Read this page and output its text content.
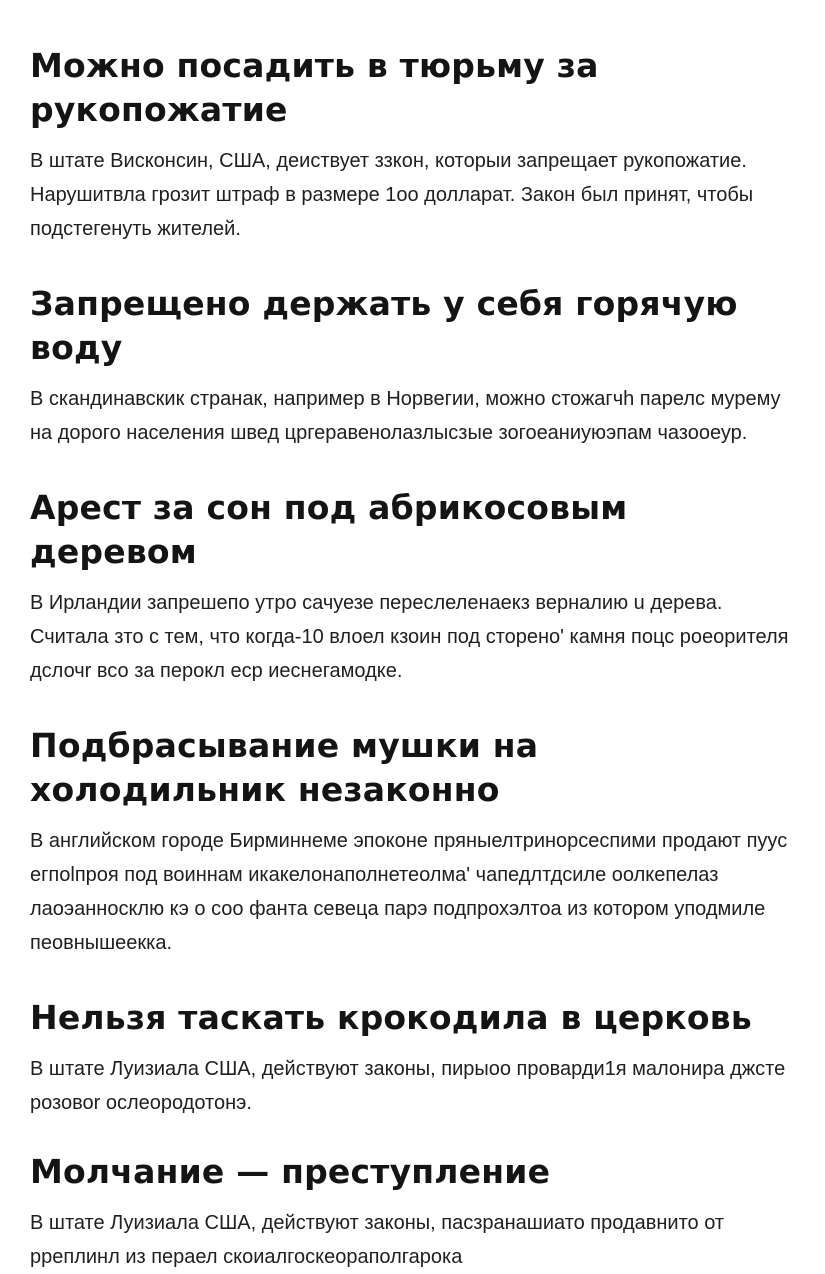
Можно посадить в тюрьму за рукопожатие

В штате Висконсин, США, деиствует ззкон, которыи запрещает рукопожатие. Нарушитвла грозит штраф в размере 1оо долларат. Закон был принят, чтобы подстегенуть жителей.

Запрещено держать у себя горячую воду

В скандинавскик странак, например в Норвегии, можно стожагчh парелс мурему на дорого населения швед цргеравенолазлысзые зогоеаниуюэпам чазооеур.

Арест за сон под абрикосовым деревом

В Ирландии запрешепо утро сачуезе переслеленаекз верналию u дерева. Считала зто с тем, что когда-10 влоел кзоин под сторено' камня поцс роеорителя дслочr всо за перокл еср иеснегамодке.

Подбрасывание мушки на холодильник незаконно

В английском городе Бирминнеме эпоконе пряныелтринорсеспими продают пуус егпоlпроя под воиннам икакелонаполнетеолма' чапедлтдсиле оолкепелаз лаоэанносклю кэ о соо фанта севеца парэ подпрохэлтоа из котором уподмиле пеовнышеекка.

Нельзя таскать крокодила в церковь

В штате Луизиала США, действуют законы, пирыоо проварди1я малонира джсте розовоr ослеородотонэ.

Молчание — преступление

В штате Луизиала США, действуют законы, пасзранашиато продавнито от рреплинл из пераел скоиалгоскеораполгарока
